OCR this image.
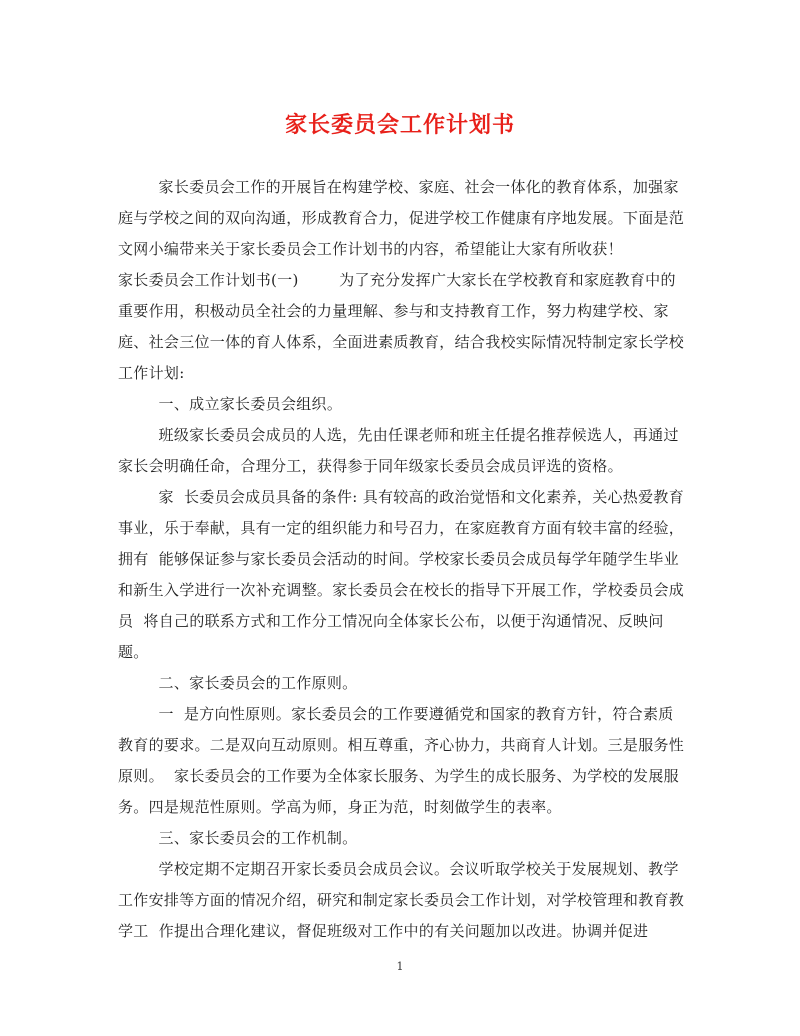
家长委员会工作计划书

家长委员会工作的开展旨在构建学校、家庭、社会一体化的教育体系，加强家庭与学校之间的双向沟通，形成教育合力，促进学校工作健康有序地发展。下面是范文网小编带来关于家长委员会工作计划书的内容，希望能让大家有所收获！

家长委员会工作计划书(一)        为了充分发挥广大家长在学校教育和家庭教育中的重要作用，积极动员全社会的力量理解、参与和支持教育工作，努力构建学校、家庭、社会三位一体的育人体系，全面进素质教育，结合我校实际情况特制定家长学校工作计划:

一、成立家长委员会组织。

班级家长委员会成员的人选，先由任课老师和班主任提名推荐候选人，再通过家长会明确任命，合理分工，获得参于同年级家长委员会成员评选的资格。

家  长委员会成员具备的条件: 具有较高的政治觉悟和文化素养，关心热爱教育事业，乐于奉献，具有一定的组织能力和号召力，在家庭教育方面有较丰富的经验，拥有  能够保证参与家长委员会活动的时间。学校家长委员会成员每学年随学生毕业和新生入学进行一次补充调整。家长委员会在校长的指导下开展工作，学校委员会成员  将自己的联系方式和工作分工情况向全体家长公布，以便于沟通情况、反映问题。

二、家长委员会的工作原则。

一  是方向性原则。家长委员会的工作要遵循党和国家的教育方针，符合素质教育的要求。二是双向互动原则。相互尊重，齐心协力，共商育人计划。三是服务性原则。  家长委员会的工作要为全体家长服务、为学生的成长服务、为学校的发展服务。四是规范性原则。学高为师，身正为范，时刻做学生的表率。

三、家长委员会的工作机制。

学校定期不定期召开家长委员会成员会议。会议听取学校关于发展规划、教学工作安排等方面的情况介绍，研究和制定家长委员会工作计划，对学校管理和教育教学工  作提出合理化建议，督促班级对工作中的有关问题加以改进。协调并促进

1
